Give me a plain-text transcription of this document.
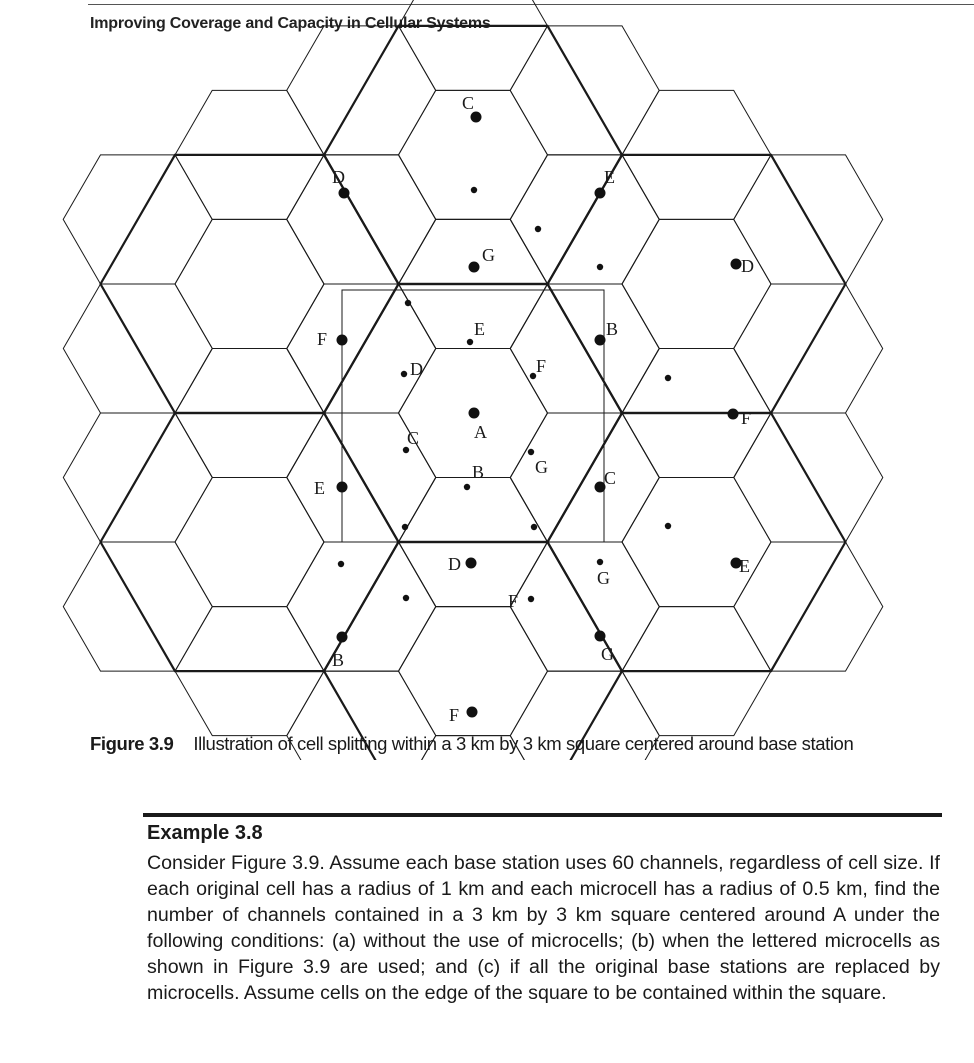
Improving Coverage and Capacity in Cellular Systems
C
D	E
D
G
F	E	B
D	F
F
C	A
E
B	G
C
D
G
E
F
B	G
F
Figure 3.9 Illustration of cell splitting within a 3 km by 3 km square centered around base station
Example 3.8
Consider Figure 3.9. Assume each base station uses 60 channels, regardless of cell size. If each original cell has a radius of 1 km and each microcell has a radius of 0.5 km, find the number of channels contained in a 3 km by 3 km square centered around A under the following conditions: (a) without the use of microcells; (b) when the lettered microcells as shown in Figure 3.9 are used; and (c) if all the original base stations are replaced by microcells. Assume cells on the edge of the square to be contained within the square.
